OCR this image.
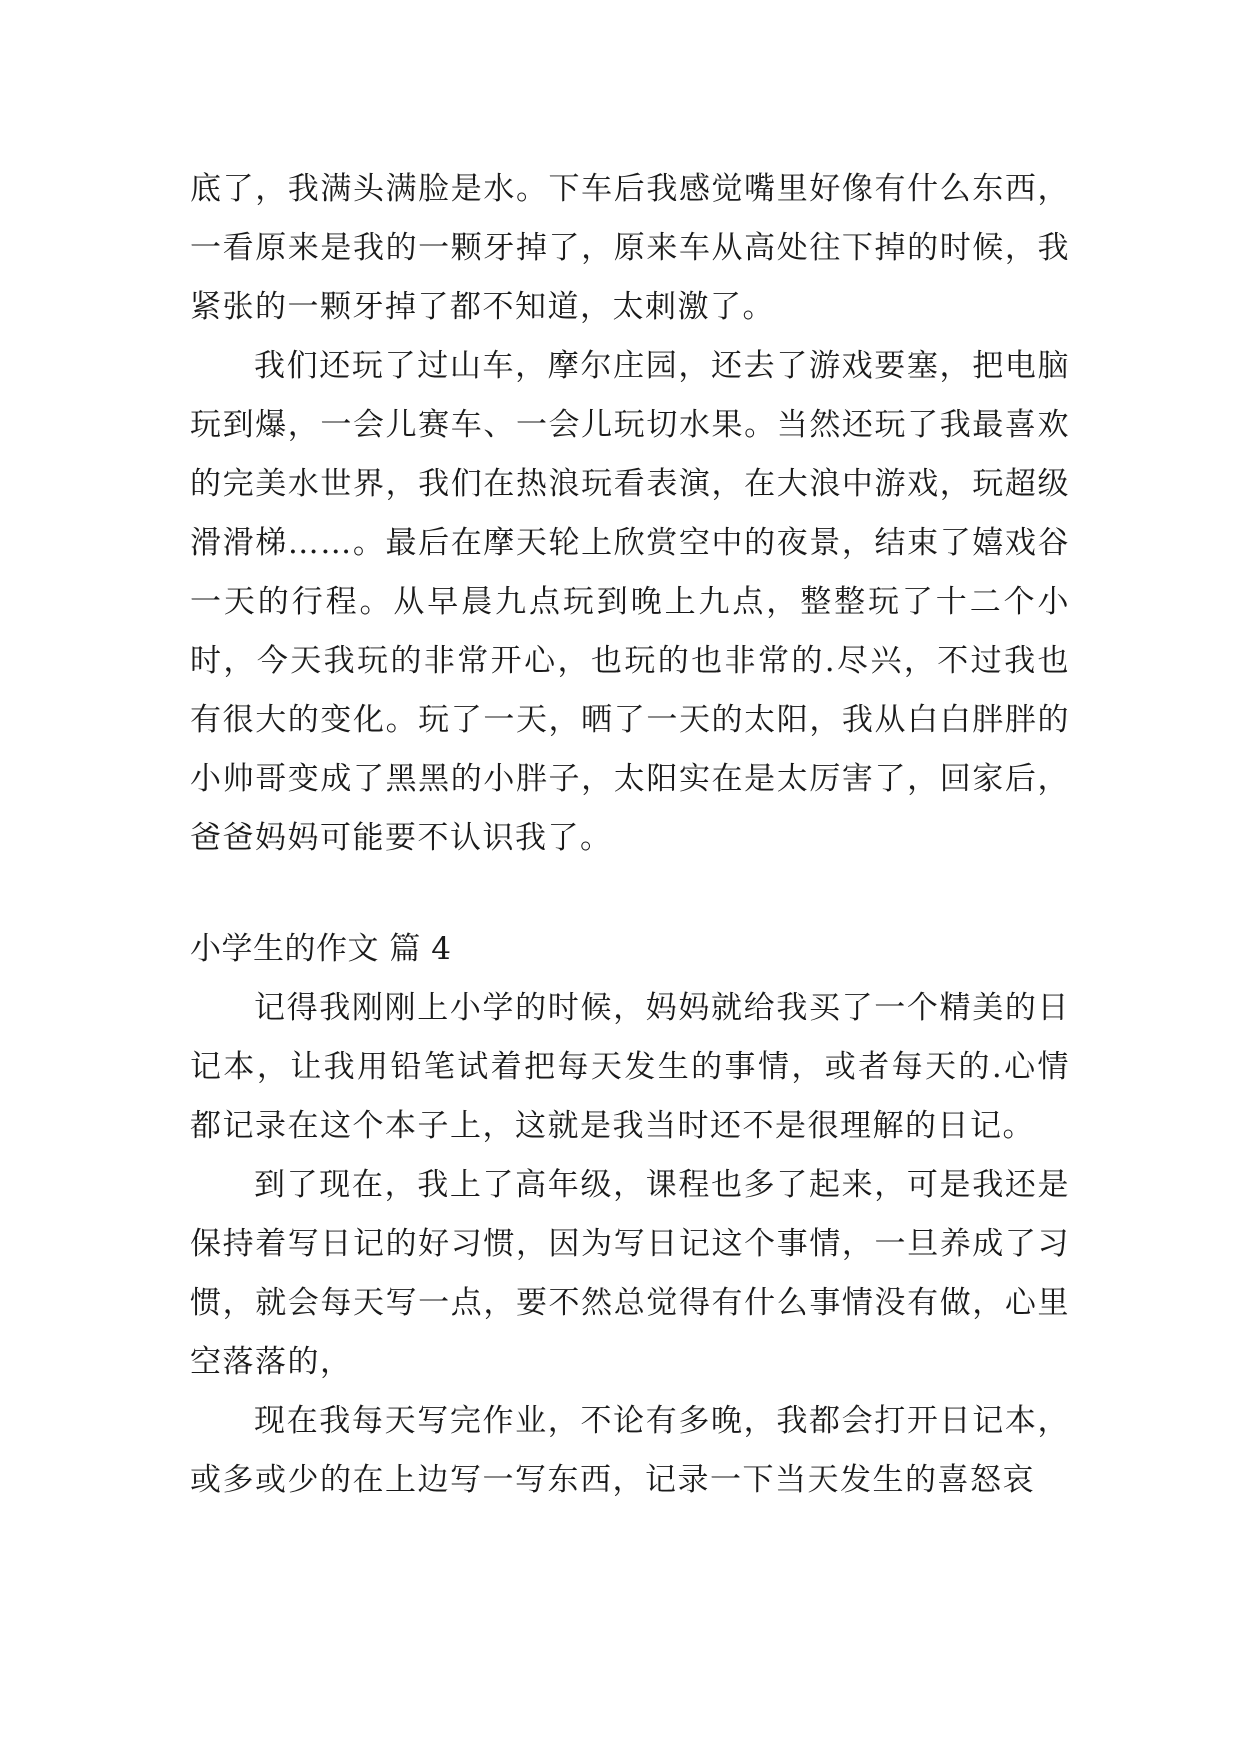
底了，我满头满脸是水。下车后我感觉嘴里好像有什么东西，一看原来是我的一颗牙掉了，原来车从高处往下掉的时候，我紧张的一颗牙掉了都不知道，太刺激了。

我们还玩了过山车，摩尔庄园，还去了游戏要塞，把电脑玩到爆，一会儿赛车、一会儿玩切水果。当然还玩了我最喜欢的完美水世界，我们在热浪玩看表演，在大浪中游戏，玩超级滑滑梯……。最后在摩天轮上欣赏空中的夜景，结束了嬉戏谷一天的行程。从早晨九点玩到晚上九点，整整玩了十二个小时，今天我玩的非常开心，也玩的也非常的.尽兴，不过我也有很大的变化。玩了一天，晒了一天的太阳，我从白白胖胖的小帅哥变成了黑黑的小胖子，太阳实在是太厉害了，回家后，爸爸妈妈可能要不认识我了。

小学生的作文 篇 4

记得我刚刚上小学的时候，妈妈就给我买了一个精美的日记本，让我用铅笔试着把每天发生的事情，或者每天的.心情都记录在这个本子上，这就是我当时还不是很理解的日记。

到了现在，我上了高年级，课程也多了起来，可是我还是保持着写日记的好习惯，因为写日记这个事情，一旦养成了习惯，就会每天写一点，要不然总觉得有什么事情没有做，心里空落落的，

现在我每天写完作业，不论有多晚，我都会打开日记本，或多或少的在上边写一写东西，记录一下当天发生的喜怒哀
